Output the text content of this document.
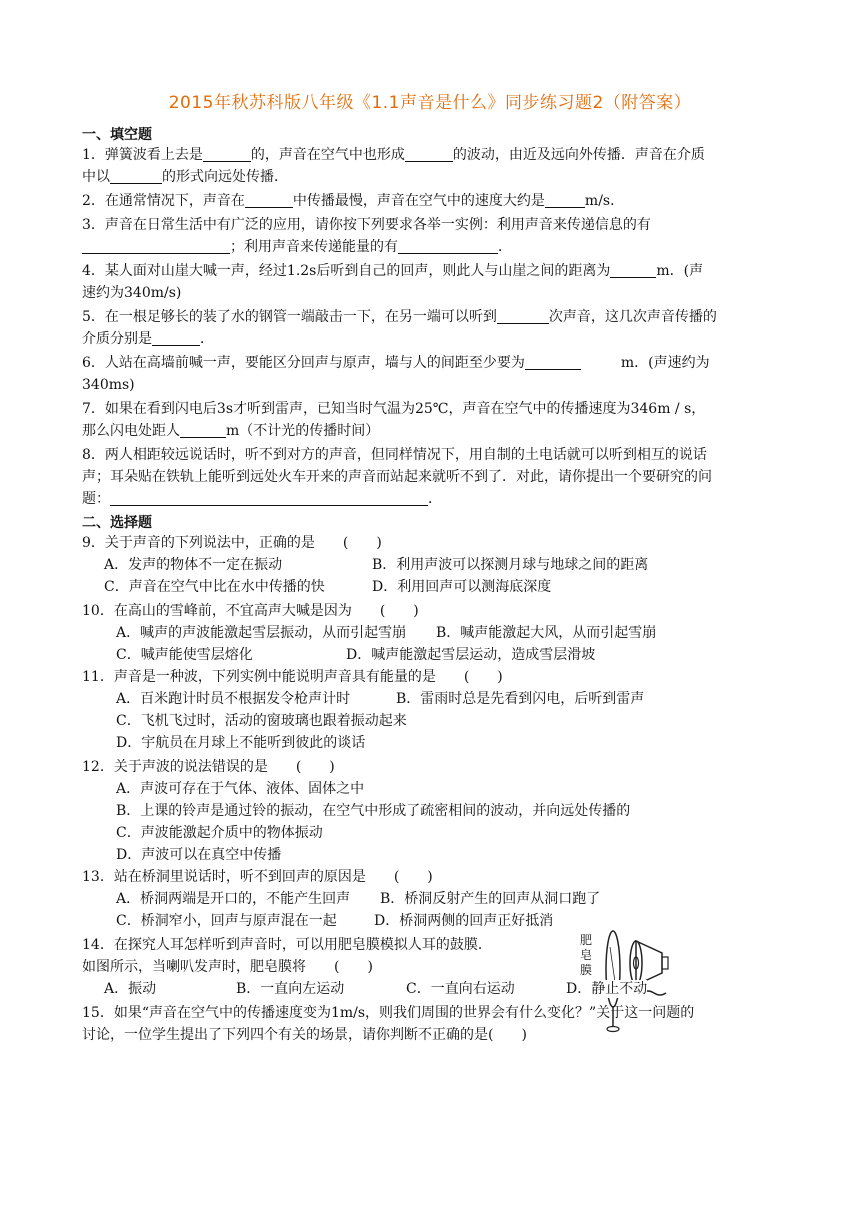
2015年秋苏科版八年级《1.1声音是什么》同步练习题2（附答案）
一、填空题
1．弹簧波看上去是	的，声音在空气中也形成	的波动，由近及远向外传播．声音在介质
中以	的形式向远处传播．
2．在通常情况下，声音在	中传播最慢，声音在空气中的速度大约是	m/s．
3．声音在日常生活中有广泛的应用，请你按下列要求各举一实例：利用声音来传递信息的有
；利用声音来传递能量的有	．
4．某人面对山崖大喊一声，经过1.2s后听到自己的回声，则此人与山崖之间的距离为	m．(声
速约为340m/s)
5．在一根足够长的装了水的钢管一端敲击一下，在另一端可以听到	次声音，这几次声音传播的
介质分别是	．
6．人站在高墙前喊一声，要能区分回声与原声，墙与人的间距至少要为	m．(声速约为
340ms)
7．如果在看到闪电后3s才听到雷声，已知当时气温为25℃，声音在空气中的传播速度为346m / s，
那么闪电处距人	m（不计光的传播时间）
8．两人相距较远说话时，听不到对方的声音，但同样情况下，用自制的土电话就可以听到相互的说话
声；耳朵贴在铁轨上能听到远处火车开来的声音而站起来就听不到了．对此，请你提出一个要研究的问
题：	．
二、选择题
9．关于声音的下列说法中，正确的是　　(　　)
A．发声的物体不一定在振动	B．利用声波可以探测月球与地球之间的距离
C．声音在空气中比在水中传播的快	D．利用回声可以测海底深度
10．在高山的雪峰前，不宜高声大喊是因为　　(　　)
A．喊声的声波能激起雪层振动，从而引起雪崩 B．喊声能激起大风，从而引起雪崩
C．喊声能使雪层熔化	D．喊声能激起雪层运动，造成雪层滑坡
11．声音是一种波，下列实例中能说明声音具有能量的是　　(　　)
A．百米跑计时员不根据发令枪声计时	B．雷雨时总是先看到闪电，后听到雷声
C．飞机飞过时，活动的窗玻璃也跟着振动起来
D．宇航员在月球上不能听到彼此的谈话
12．关于声波的说法错误的是　　(　　)
A．声波可存在于气体、液体、固体之中
B．上课的铃声是通过铃的振动，在空气中形成了疏密相间的波动，并向远处传播的
C．声波能激起介质中的物体振动
D．声波可以在真空中传播
13．站在桥洞里说话时，听不到回声的原因是　　(　　)
A．桥洞两端是开口的，不能产生回声 B．桥洞反射产生的回声从洞口跑了
C．桥洞窄小，回声与原声混在一起	D．桥洞两侧的回声正好抵消
14．在探究人耳怎样听到声音时，可以用肥皂膜模拟人耳的鼓膜．
如图所示，当喇叭发声时，肥皂膜将　　(　　)
A．振动	B．一直向左运动	C．一直向右运动	D．静止不动
肥皂膜
15．如果“声音在空气中的传播速度变为1m/s，则我们周围的世界会有什么变化？”关于这一问题的
讨论，一位学生提出了下列四个有关的场景，请你判断不正确的是(　　)
